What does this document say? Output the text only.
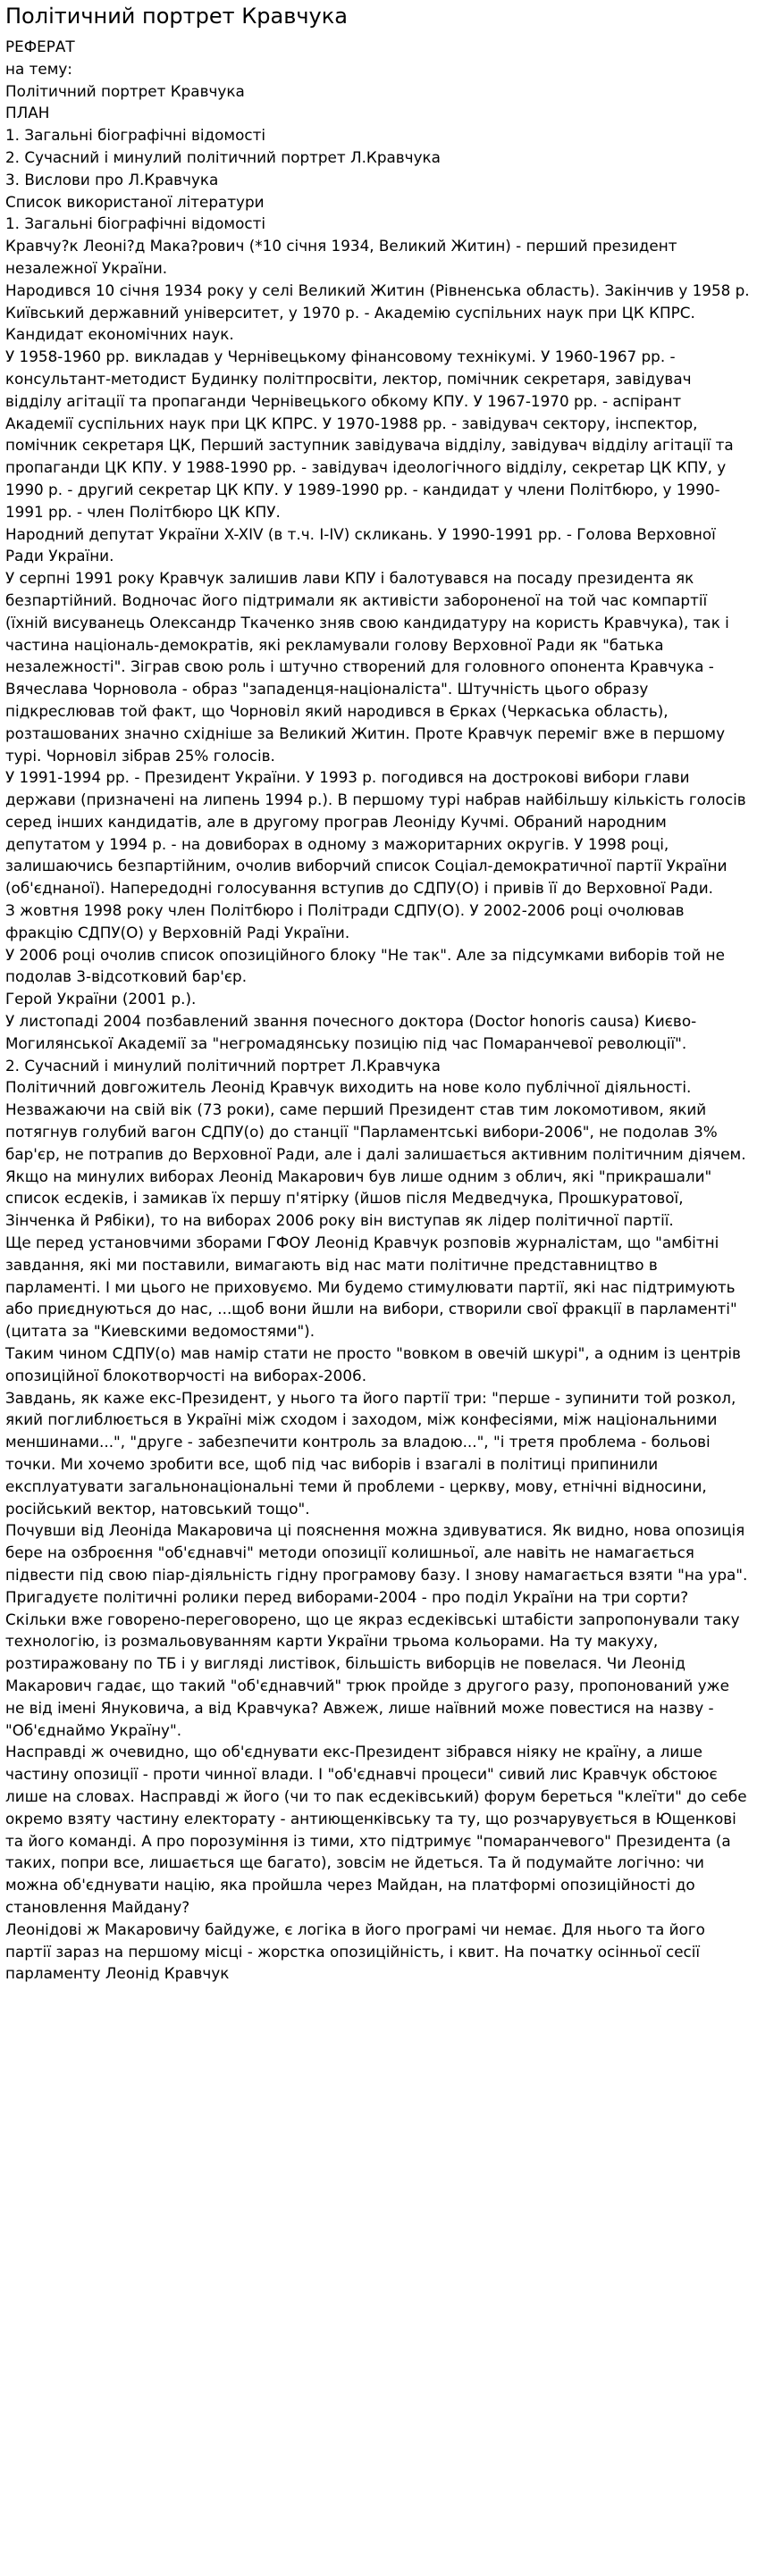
Політичний портрет Кравчука
РЕФЕРАТ
на тему:
Політичний портрет Кравчука
ПЛАН
1. Загальні біографічні відомості
2. Сучасний і минулий політичний портрет Л.Кравчука
3. Вислови про Л.Кравчука
Список використаної літератури
1. Загальні біографічні відомості

Кравчу?к Леоні?д Мака?рович (*10 січня 1934, Великий Житин) - перший президент незалежної України.

Народився 10 січня 1934 року у селі Великий Житин (Рівненська область). Закінчив у 1958 р. Київський державний університет, у 1970 р. - Академію суспільних наук при ЦК КПРС. Кандидат економічних наук.

У 1958-1960 рр. викладав у Чернівецькому фінансовому технікумі. У 1960-1967 рр. - консультант-методист Будинку політпросвіти, лектор, помічник секретаря, завідувач відділу агітації та пропаганди Чернівецького обкому КПУ. У 1967-1970 рр. - аспірант Академії суспільних наук при ЦК КПРС. У 1970-1988 рр. - завідувач сектору, інспектор, помічник секретаря ЦК, Перший заступник завідувача відділу, завідувач відділу агітації та пропаганди ЦК КПУ. У 1988-1990 рр. - завідувач ідеологічного відділу, секретар ЦК КПУ, у 1990 р. - другий секретар ЦК КПУ. У 1989-1990 рр. - кандидат у члени Політбюро, у 1990-1991 рр. - член Політбюро ЦК КПУ.

Народний депутат України X-XIV (в т.ч. I-IV) скликань. У 1990-1991 рр. - Голова Верховної Ради України.

У серпні 1991 року Кравчук залишив лави КПУ і балотувався на посаду президента як безпартійний. Водночас його підтримали як активісти забороненої на той час компартії (їхній висуванець Олександр Ткаченко зняв свою кандидатуру на користь Кравчука), так і частина національ-демократів, які рекламували голову Верховної Ради як "батька незалежності". Зіграв свою роль і штучно створений для головного опонента Кравчука - Вячеслава Чорновола - образ "западенця-націоналіста". Штучність цього образу підкреслював той факт, що Чорновіл який народився в Єрках (Черкаська область), розташованих значно східніше за Великий Житин. Проте Кравчук переміг вже в першому турі. Чорновіл зібрав 25% голосів.

У 1991-1994 рр. - Президент України. У 1993 р. погодився на дострокові вибори глави держави (призначені на липень 1994 р.). В першому турі набрав найбільшу кількість голосів серед інших кандидатів, але в другому програв Леоніду Кучмі. Обраний народним депутатом у 1994 р. - на довиборах в одному з мажоритарних округів. У 1998 році, залишаючись безпартійним, очолив виборчий список Соціал-демократичної партії України (об'єднаної). Напередодні голосування вступив до СДПУ(О) і привів її до Верховної Ради.

З жовтня 1998 року член Політбюро і Політради СДПУ(О). У 2002-2006 році очолював фракцію СДПУ(О) у Верховній Раді України.

У 2006 році очолив список опозиційного блоку "Не так". Але за підсумками виборів той не подолав 3-відсотковий бар'єр.

Герой України (2001 р.).

У листопаді 2004 позбавлений звання почесного доктора (Doctor honoris causa) Києво-Могилянської Академії за "негромадянську позицію під час Помаранчевої революції".

2. Сучасний і минулий політичний портрет Л.Кравчука

Політичний довгожитель Леонід Кравчук виходить на нове коло публічної діяльності. Незважаючи на свій вік (73 роки), саме перший Президент став тим локомотивом, який потягнув голубий вагон СДПУ(о) до станції "Парламентські вибори-2006", не подолав 3% бар'єр, не потрапив до Верховної Ради, але і далі залишається активним політичним діячем.

Якщо на минулих виборах Леонід Макарович був лише одним з облич, які "прикрашали" список есдеків, і замикав їх першу п'ятірку (йшов після Медведчука, Прошкуратової, Зінченка й Рябіки), то на виборах 2006 року він виступав як лідер політичної партії.

Ще перед установчими зборами ГФОУ Леонід Кравчук розповів журналістам, що "амбітні завдання, які ми поставили, вимагають від нас мати політичне представництво в парламенті. І ми цього не приховуємо. Ми будемо стимулювати партії, які нас підтримують або приєднуються до нас, ...щоб вони йшли на вибори, створили свої фракції в парламенті" (цитата за "Киевскими ведомостями").

Таким чином СДПУ(о) мав намір стати не просто "вовком в овечій шкурі", а одним із центрів опозиційної блокотворчості на виборах-2006.

Завдань, як каже екс-Президент, у нього та його партії три: "перше - зупинити той розкол, який поглиблюється в Україні між сходом і заходом, між конфесіями, між національними меншинами...", "друге - забезпечити контроль за владою...", "і третя проблема - больові точки. Ми хочемо зробити все, щоб під час виборів і взагалі в політиці припинили експлуатувати загальнонаціональні теми й проблеми - церкву, мову, етнічні відносини, російський вектор, натовський тощо".

Почувши від Леоніда Макаровича ці пояснення можна здивуватися. Як видно, нова опозиція бере на озброєння "об'єднавчі" методи опозиції колишньої, але навіть не намагається підвести під свою піар-діяльність гідну програмову базу. І знову намагається взяти "на ура".

Пригадуєте політичні ролики перед виборами-2004 - про поділ України на три сорти? Скільки вже говорено-переговорено, що це якраз есдеківські штабісти запропонували таку технологію, із розмальовуванням карти України трьома кольорами. На ту макуху, розтиражовану по ТБ і у вигляді листівок, більшість виборців не повелася. Чи Леонід Макарович гадає, що такий "об'єднавчий" трюк пройде з другого разу, пропонований уже не від імені Януковича, а від Кравчука? Авжеж, лише наївний може повестися на назву - "Об'єднаймо Україну".

Насправді ж очевидно, що об'єднувати екс-Президент зібрався ніяку не країну, а лише частину опозиції - проти чинної влади. І "об'єднавчі процеси" сивий лис Кравчук обстоює лише на словах. Насправді ж його (чи то пак есдеківський) форум береться "клеїти" до себе окремо взяту частину електорату - антиющенківську та ту, що розчарувується в Ющенкові та його команді. А про порозуміння із тими, хто підтримує "помаранчевого" Президента (а таких, попри все, лишається ще багато), зовсім не йдеться. Та й подумайте логічно: чи можна об'єднувати націю, яка пройшла через Майдан, на платформі опозиційності до становлення Майдану?

Леонідові ж Макаровичу байдуже, є логіка в його програмі чи немає. Для нього та його партії зараз на першому місці - жорстка опозиційність, і квит. На початку осінньої сесії парламенту Леонід Кравчук
